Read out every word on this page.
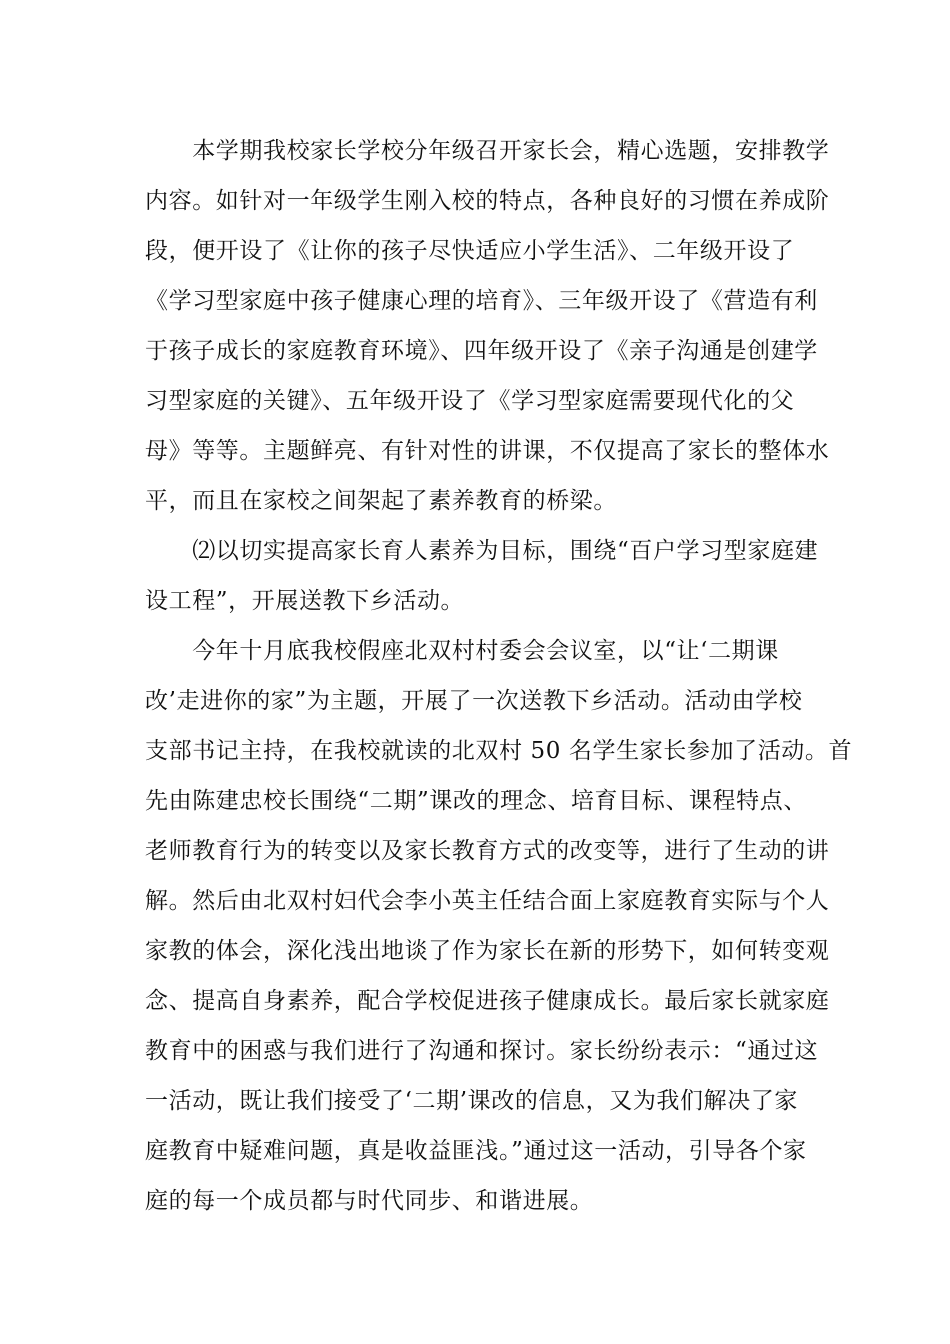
　　本学期我校家长学校分年级召开家长会，精心选题，安排教学
内容。如针对一年级学生刚入校的特点，各种良好的习惯在养成阶
段，便开设了《让你的孩子尽快适应小学生活》、二年级开设了
《学习型家庭中孩子健康心理的培育》、三年级开设了《营造有利
于孩子成长的家庭教育环境》、四年级开设了《亲子沟通是创建学
习型家庭的关键》、五年级开设了《学习型家庭需要现代化的父
母》等等。主题鲜亮、有针对性的讲课，不仅提高了家长的整体水
平，而且在家校之间架起了素养教育的桥梁。
　　⑵以切实提高家长育人素养为目标，围绕“百户学习型家庭建
设工程”，开展送教下乡活动。
　　今年十月底我校假座北双村村委会会议室，以“让‘二期课
改’走进你的家”为主题，开展了一次送教下乡活动。活动由学校
支部书记主持，在我校就读的北双村 50 名学生家长参加了活动。首
先由陈建忠校长围绕“二期”课改的理念、培育目标、课程特点、
老师教育行为的转变以及家长教育方式的改变等，进行了生动的讲
解。然后由北双村妇代会李小英主任结合面上家庭教育实际与个人
家教的体会，深化浅出地谈了作为家长在新的形势下，如何转变观
念、提高自身素养，配合学校促进孩子健康成长。最后家长就家庭
教育中的困惑与我们进行了沟通和探讨。家长纷纷表示：“通过这
一活动，既让我们接受了‘二期’课改的信息，又为我们解决了家
庭教育中疑难问题，真是收益匪浅。”通过这一活动，引导各个家
庭的每一个成员都与时代同步、和谐进展。
